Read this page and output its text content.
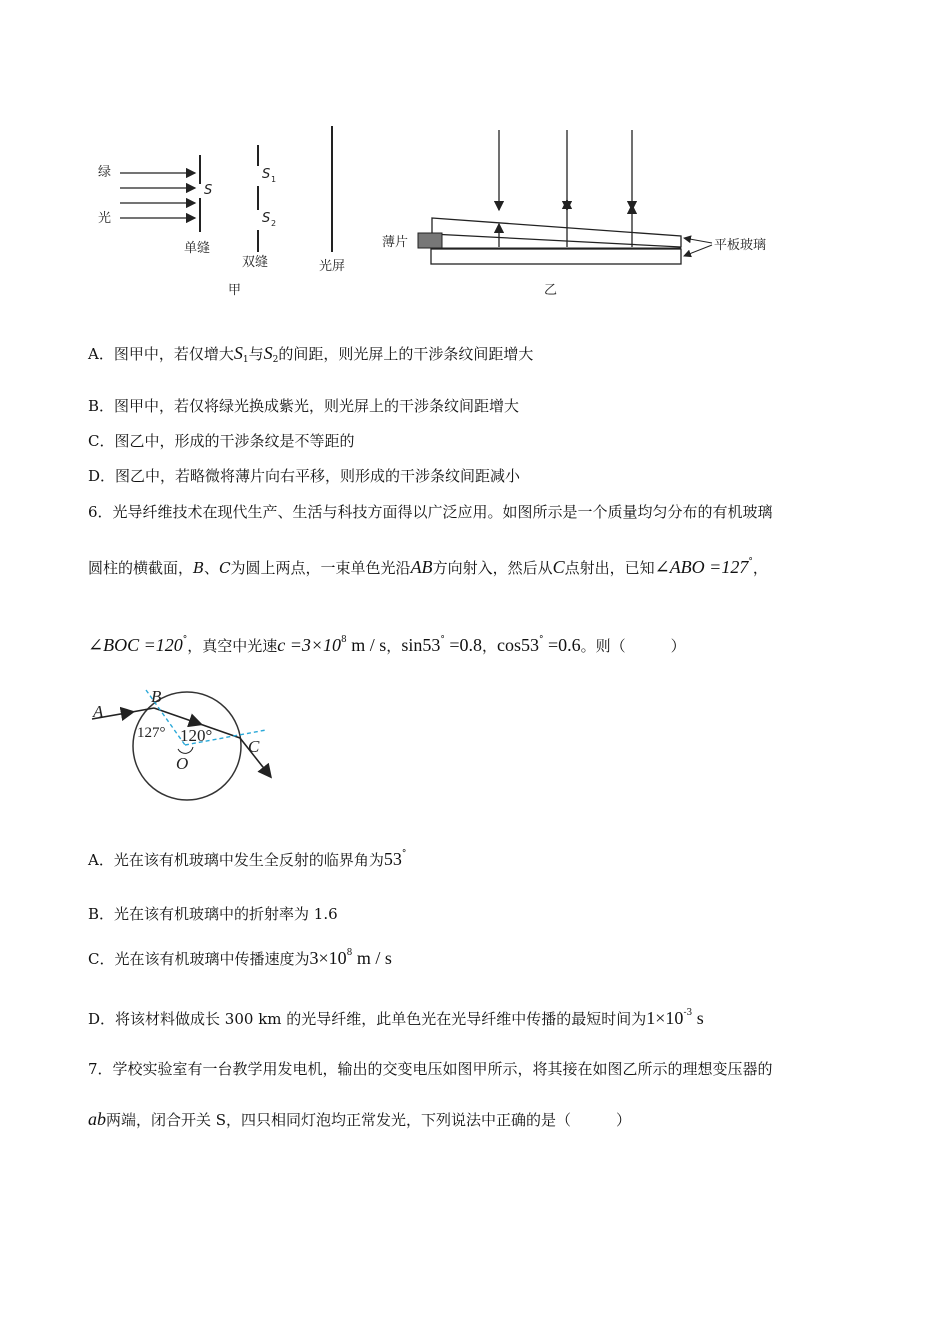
绿
光
S
单缝
S 1
S 2
双缝	光屏
甲
薄片	平板玻璃
乙
A．图甲中，若仅增大$S_1$与$S_2$的间距，则光屏上的干涉条纹间距增大
B．图甲中，若仅将绿光换成紫光，则光屏上的干涉条纹间距增大
C．图乙中，形成的干涉条纹是不等距的
D．图乙中，若略微将薄片向右平移，则形成的干涉条纹间距减小
6．光导纤维技术在现代生产、生活与科技方面得以广泛应用。如图所示是一个质量均匀分布的有机玻璃
圆柱的横截面，B、C为圆上两点，一束单色光沿AB方向射入，然后从C点射出，已知∠ABO =127°，
∠BOC =120°，真空中光速$c =3\times 10^8$ m / s，sin53° =0.8，cos53° =0.6。则（　　　）
A
B
C
O
127° 120°
A．光在该有机玻璃中发生全反射的临界角为53°
B．光在该有机玻璃中的折射率为 1.6
C．光在该有机玻璃中传播速度为$3\times 10^8$ m / s
D．将该材料做成长 300 km 的光导纤维，此单色光在光导纤维中传播的最短时间为$1\times 10^{-3}$ s
7．学校实验室有一台教学用发电机，输出的交变电压如图甲所示，将其接在如图乙所示的理想变压器的
ab两端，闭合开关 S，四只相同灯泡均正常发光，下列说法中正确的是（　　　）
